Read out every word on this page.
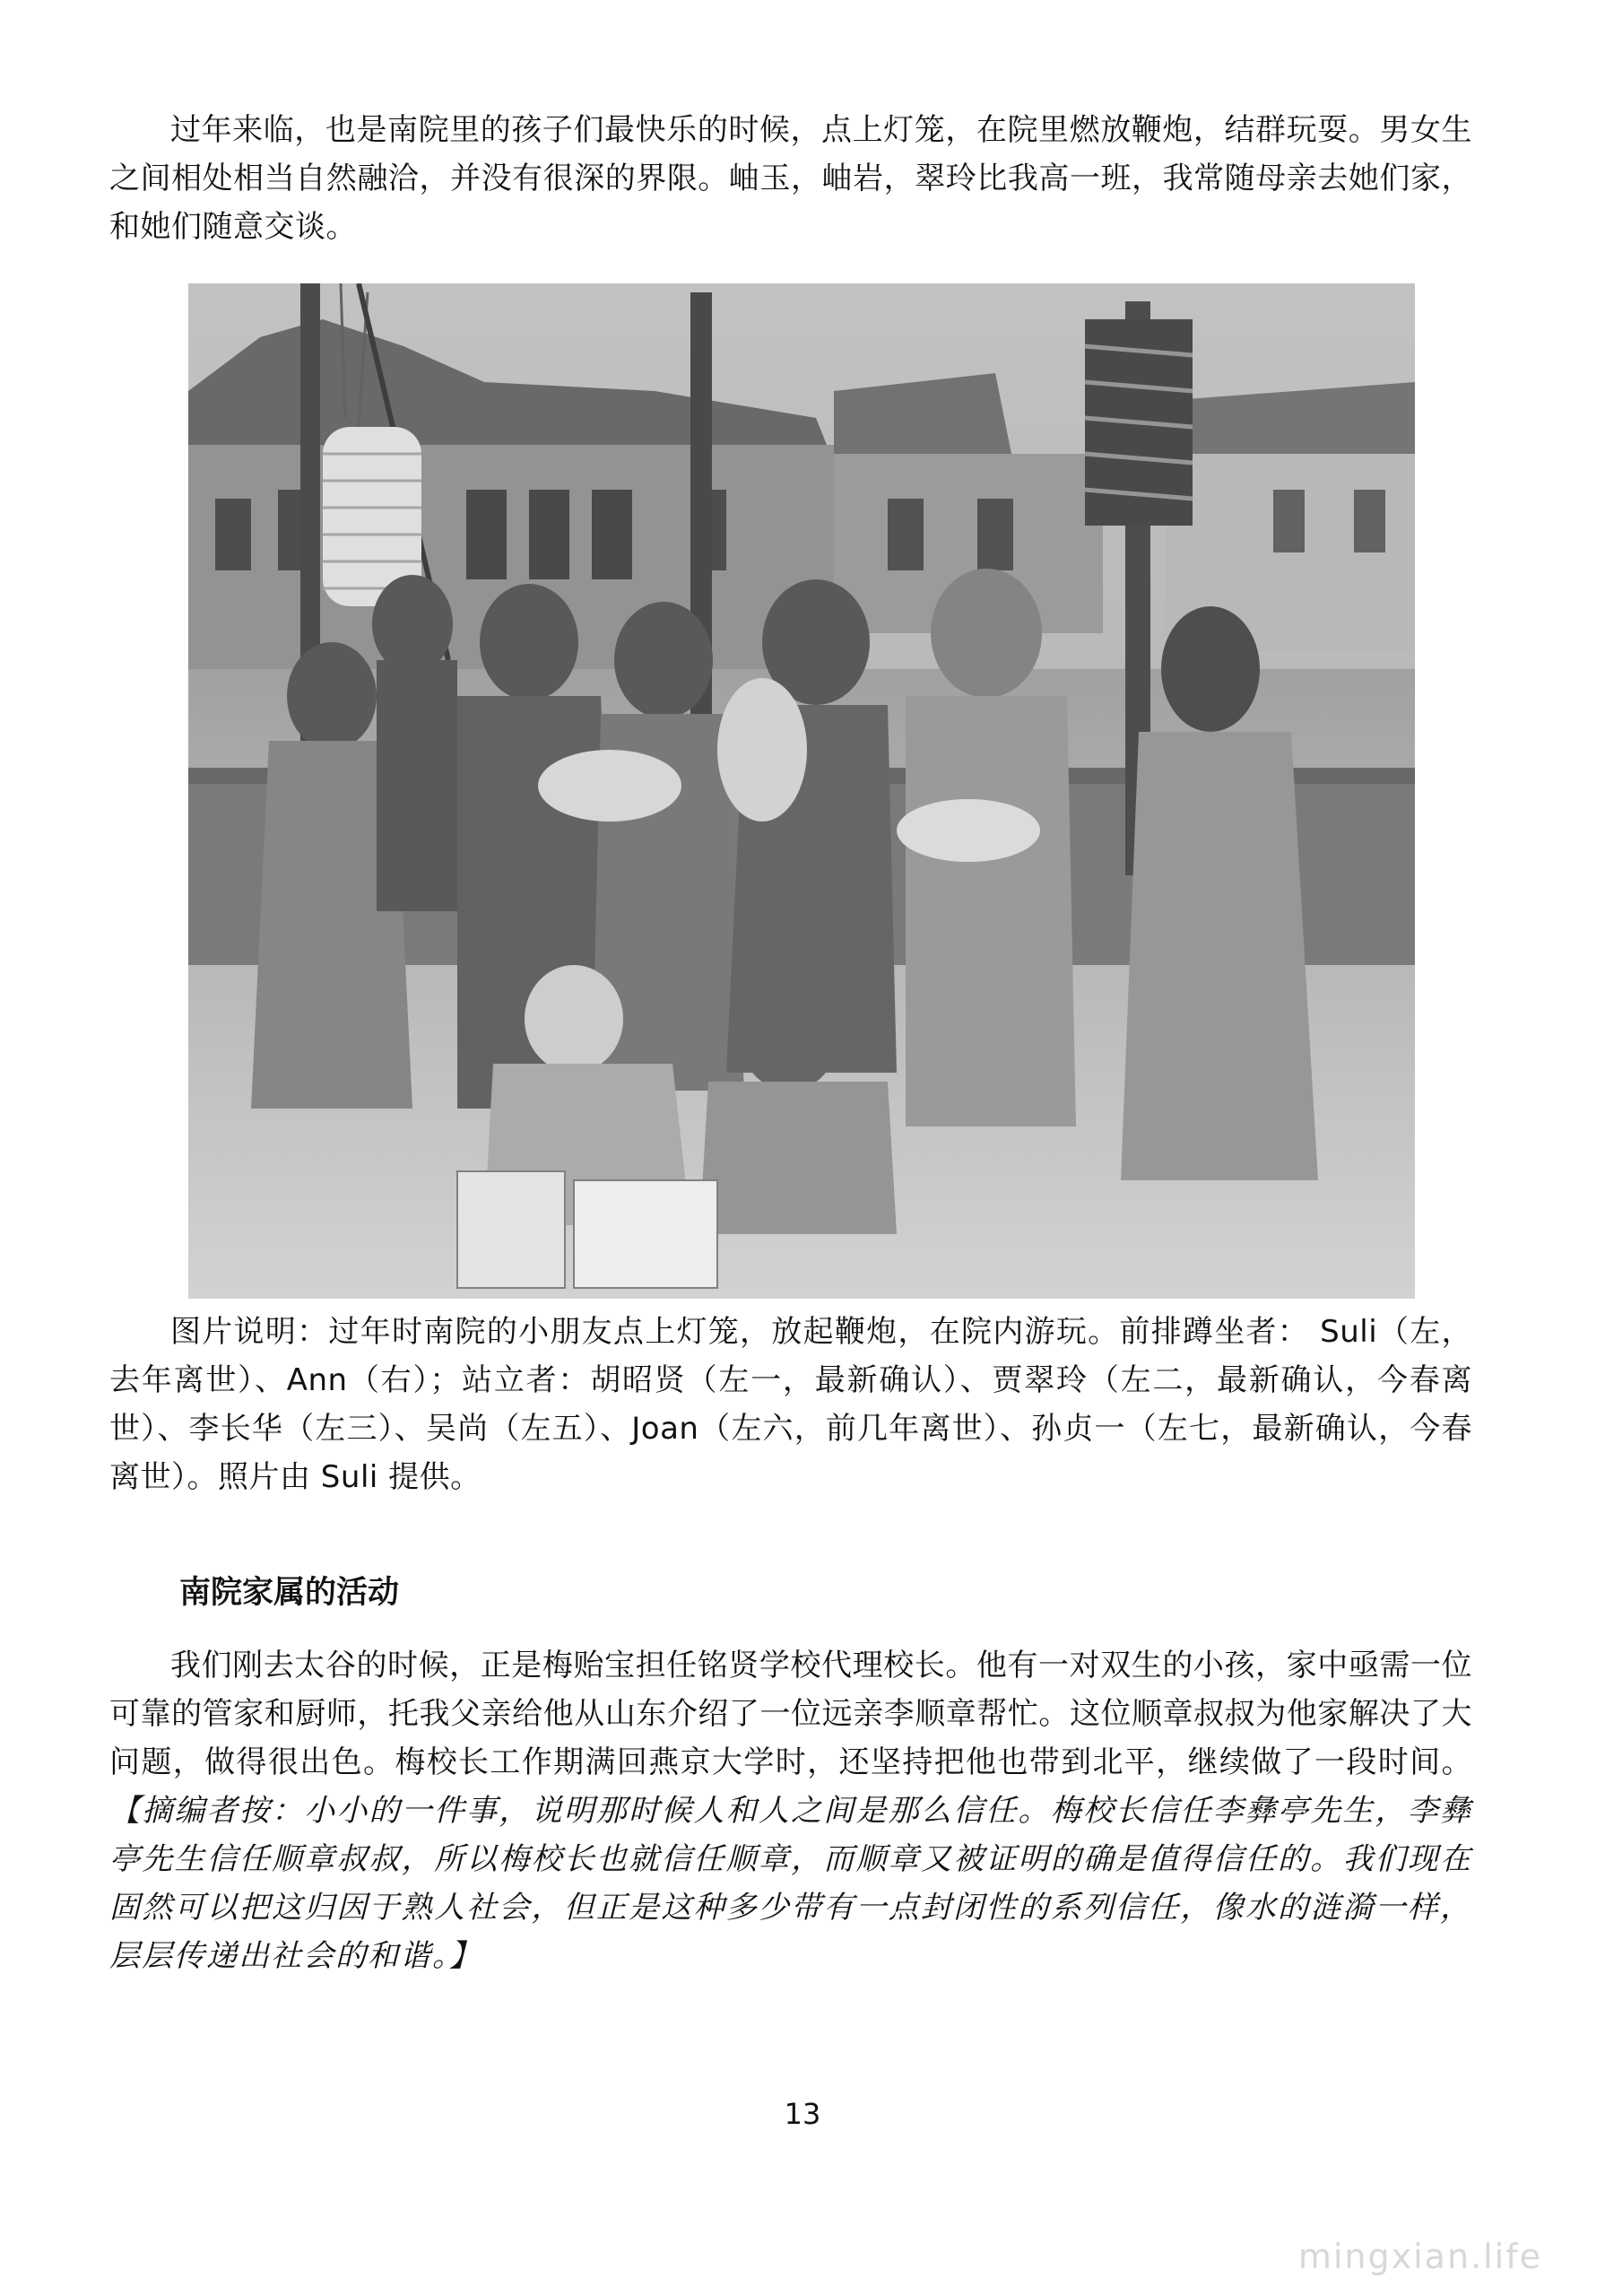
过年来临，也是南院里的孩子们最快乐的时候，点上灯笼，在院里燃放鞭炮，结群玩耍。男女生之间相处相当自然融洽，并没有很深的界限。岫玉，岫岩，翠玲比我高一班，我常随母亲去她们家，和她们随意交谈。

图片说明：过年时南院的小朋友点上灯笼，放起鞭炮，在院内游玩。前排蹲坐者： Suli（左，去年离世）、Ann（右）；站立者：胡昭贤（左一，最新确认）、贾翠玲（左二，最新确认，今春离世）、李长华（左三）、吴尚（左五）、Joan（左六，前几年离世）、孙贞一（左七，最新确认，今春离世）。照片由 Suli 提供。

南院家属的活动

我们刚去太谷的时候，正是梅贻宝担任铭贤学校代理校长。他有一对双生的小孩，家中亟需一位可靠的管家和厨师，托我父亲给他从山东介绍了一位远亲李顺章帮忙。这位顺章叔叔为他家解决了大问题，做得很出色。梅校长工作期满回燕京大学时，还坚持把他也带到北平，继续做了一段时间。【摘编者按：小小的一件事，说明那时候人和人之间是那么信任。梅校长信任李彝亭先生，李彝亭先生信任顺章叔叔，所以梅校长也就信任顺章，而顺章又被证明的确是值得信任的。我们现在固然可以把这归因于熟人社会，但正是这种多少带有一点封闭性的系列信任，像水的涟漪一样，层层传递出社会的和谐。】

13

mingxian.life
